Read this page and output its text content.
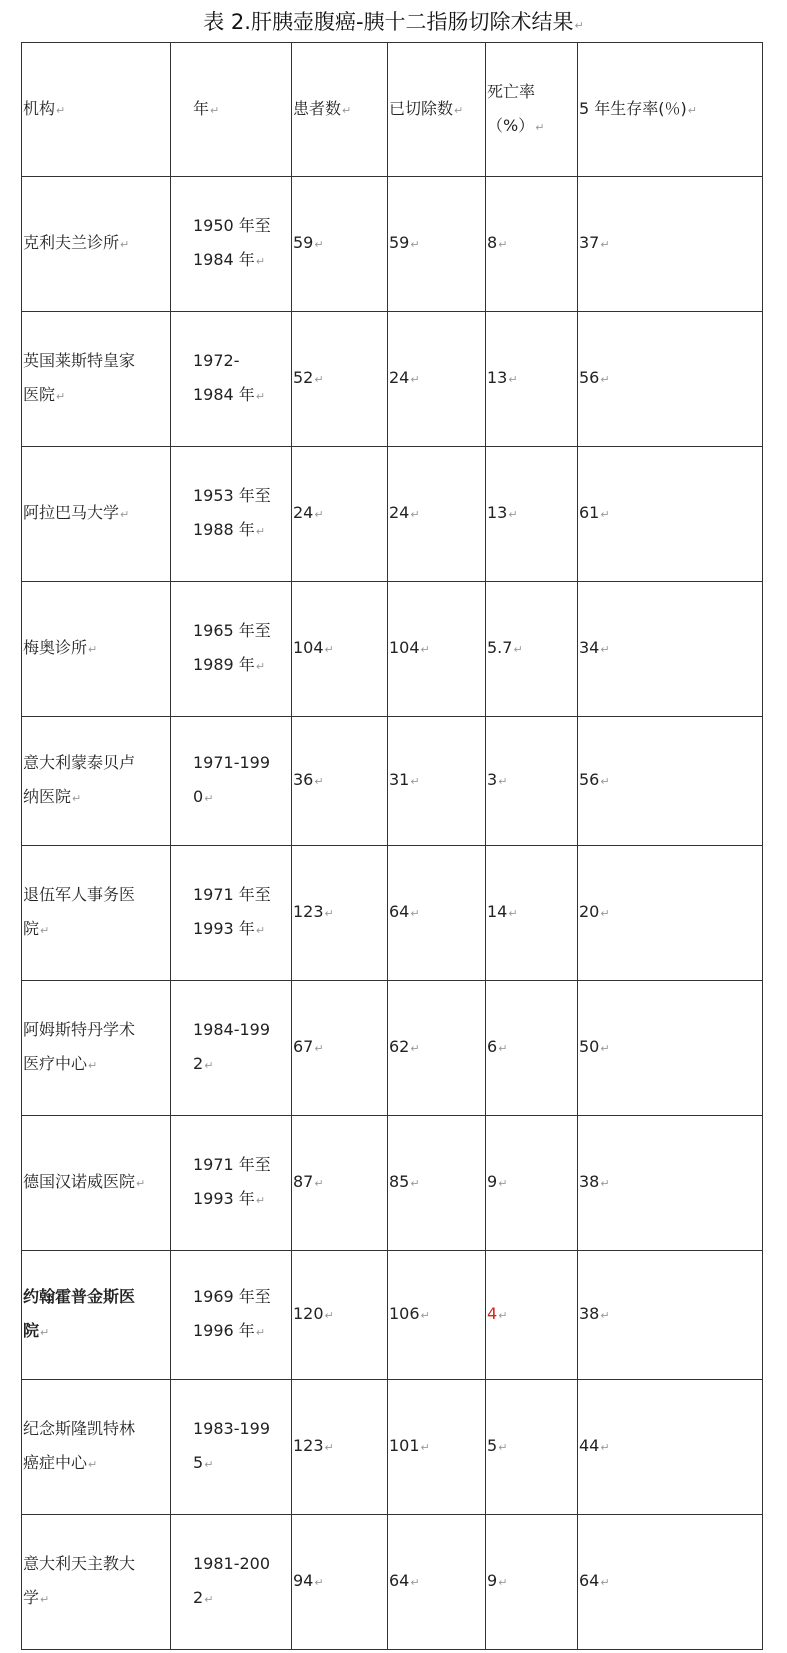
表 2.肝胰壶腹癌-胰十二指肠切除术结果↵
机构↵	年↵	患者数↵	已切除数↵	死亡率
（%）↵	5 年生存率(％)↵

克利夫兰诊所↵	1950 年至
1984 年↵	59↵	59↵	8↵	37↵

英国莱斯特皇家
医院↵	1972-
1984 年↵	52↵	24↵	13↵	56↵

阿拉巴马大学↵	1953 年至
1988 年↵	24↵	24↵	13↵	61↵

梅奥诊所↵	1965 年至
1989 年↵	104↵	104↵	5.7↵	34↵

意大利蒙泰贝卢
纳医院↵	1971-199
0↵	36↵	31↵	3↵	56↵

退伍军人事务医
院↵	1971 年至
1993 年↵	123↵	64↵	14↵	20↵

阿姆斯特丹学术
医疗中心↵	1984-199
2↵	67↵	62↵	6↵	50↵

德国汉诺威医院↵	1971 年至
1993 年↵	87↵	85↵	9↵	38↵

约翰霍普金斯医
院↵	1969 年至
1996 年↵	120↵	106↵	4↵	38↵

纪念斯隆凯特林
癌症中心↵	1983-199
5↵	123↵	101↵	5↵	44↵

意大利天主教大
学↵	1981-200
2↵	94↵	64↵	9↵	64↵
